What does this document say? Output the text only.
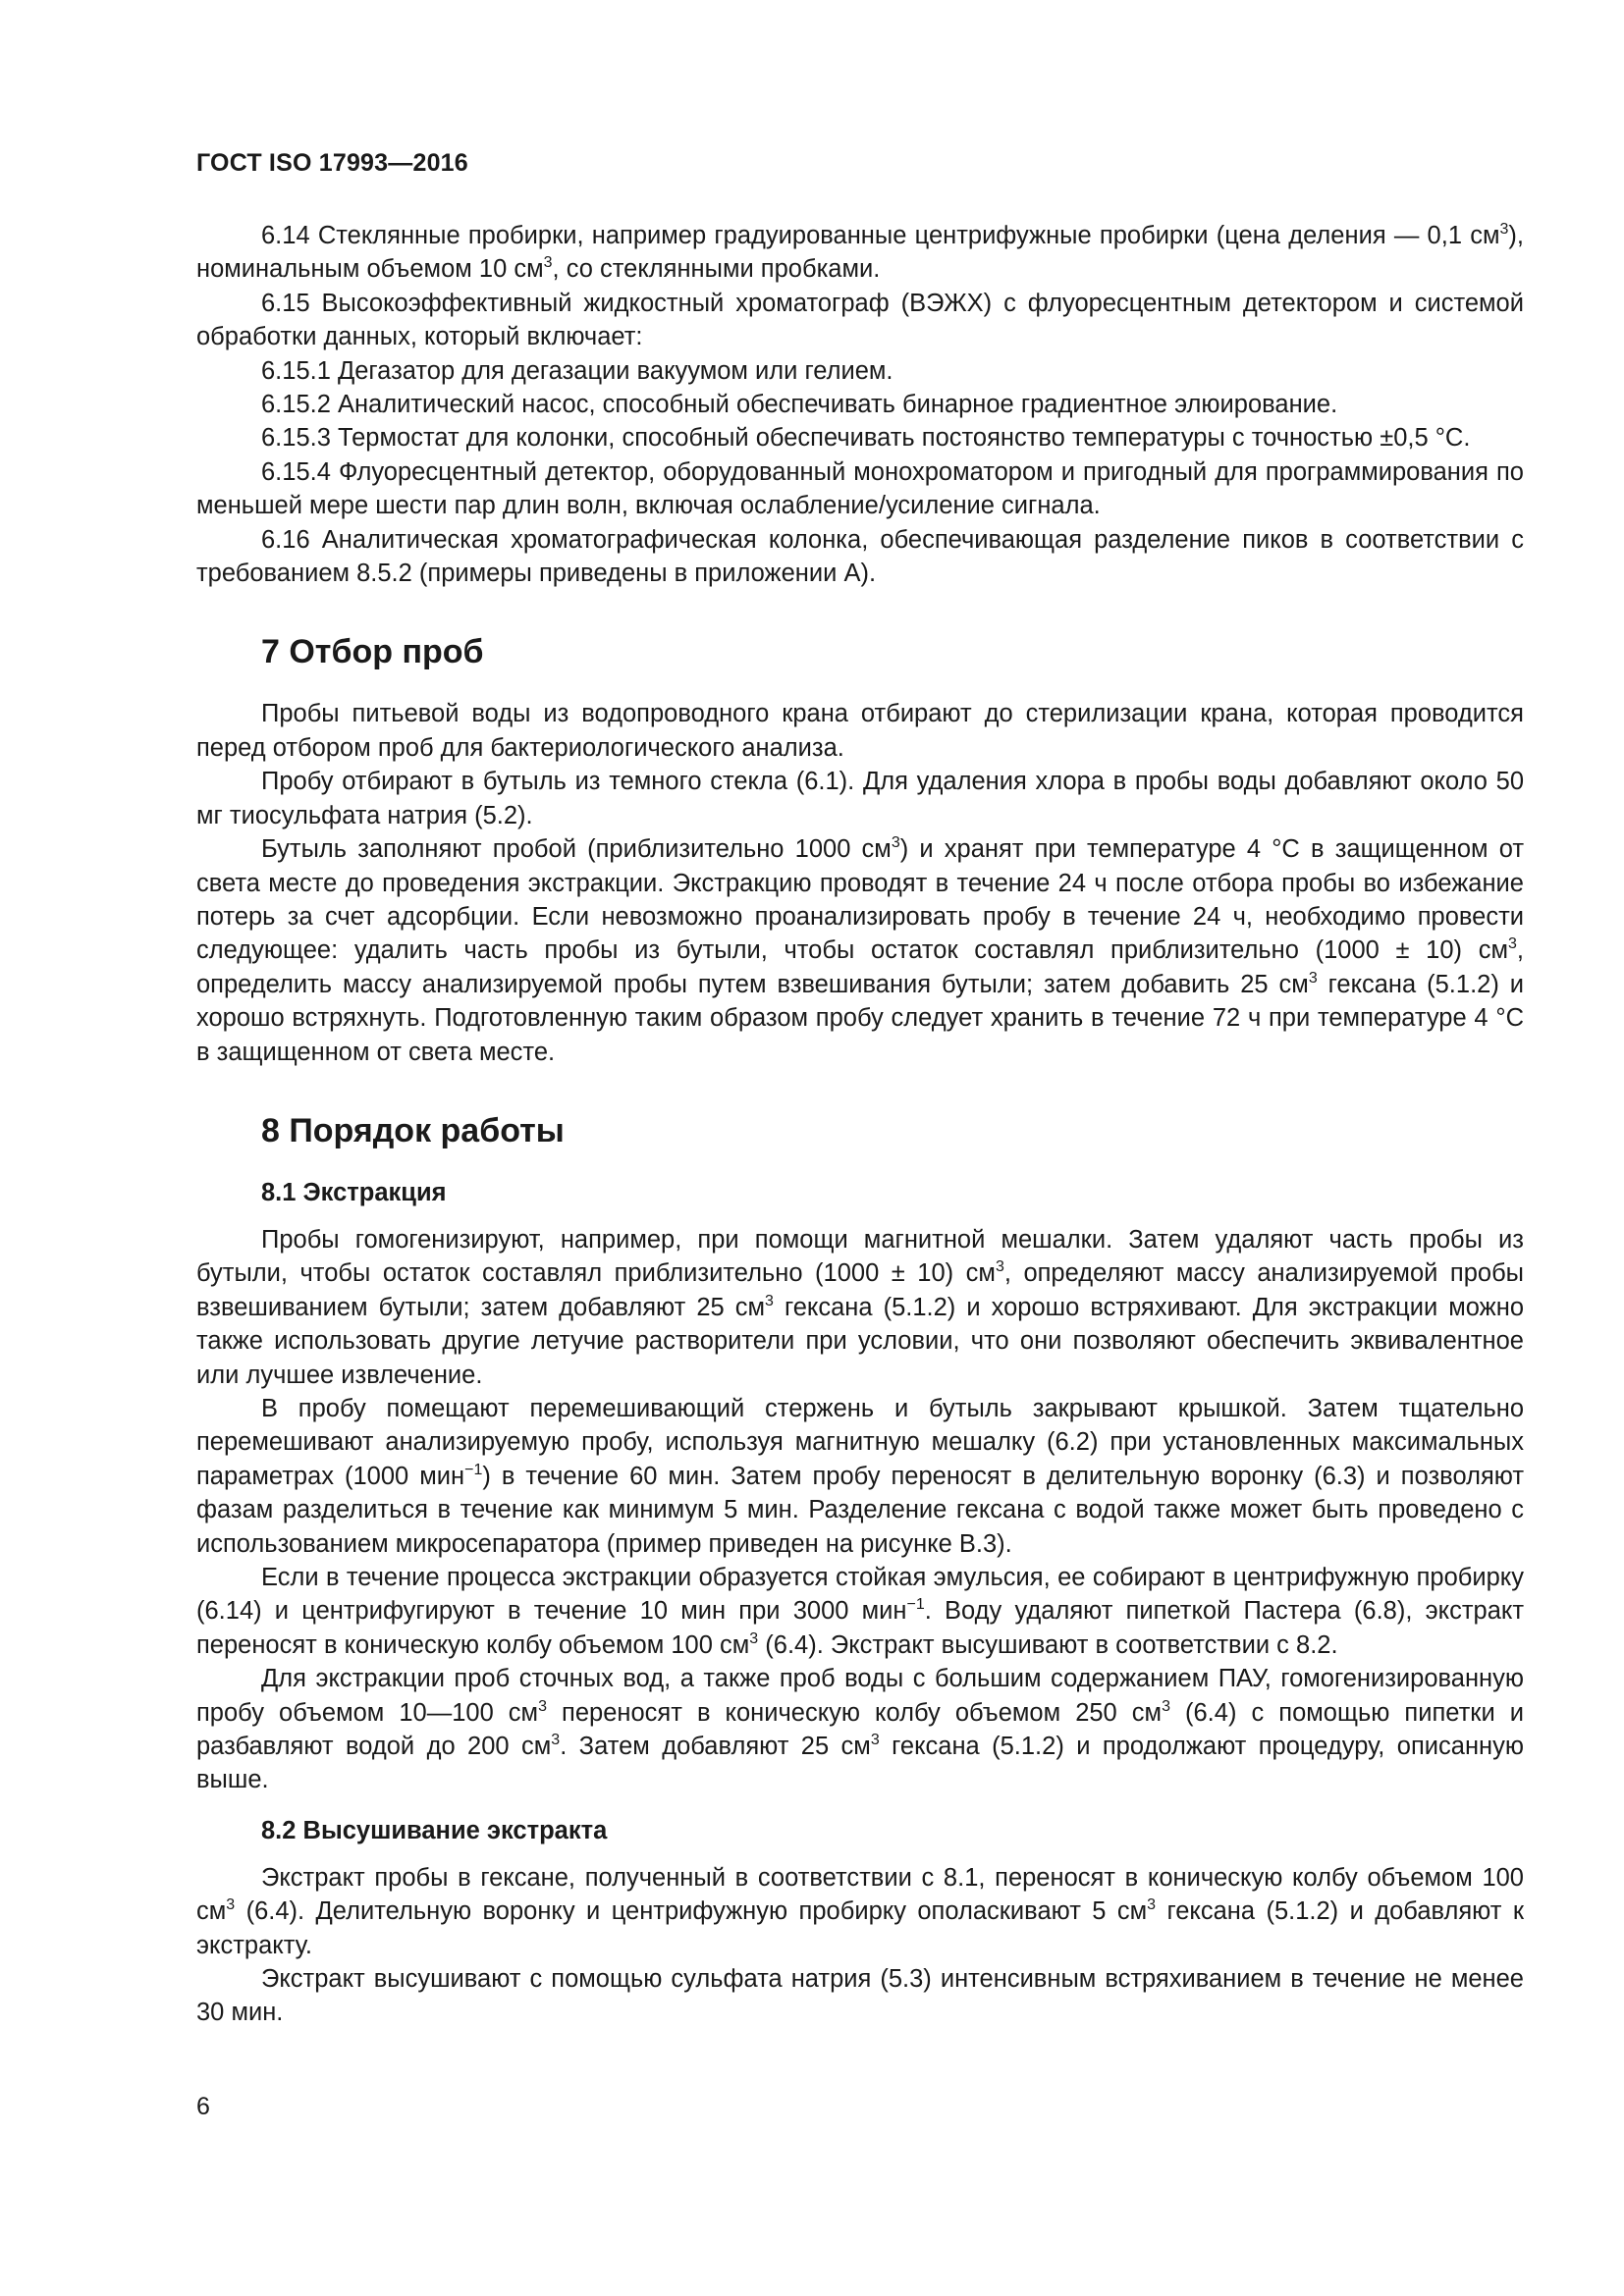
ГОСТ ISO 17993—2016

6.14 Стеклянные пробирки, например градуированные центрифужные пробирки (цена деления — 0,1 $см^3$), номинальным объемом 10 $см^3$, со стеклянными пробками.

6.15 Высокоэффективный жидкостный хроматограф (ВЭЖХ) с флуоресцентным детектором и системой обработки данных, который включает:

6.15.1 Дегазатор для дегазации вакуумом или гелием.

6.15.2 Аналитический насос, способный обеспечивать бинарное градиентное элюирование.

6.15.3 Термостат для колонки, способный обеспечивать постоянство температуры с точностью ±0,5 °С.

6.15.4 Флуоресцентный детектор, оборудованный монохроматором и пригодный для программирования по меньшей мере шести пар длин волн, включая ослабление/усиление сигнала.

6.16 Аналитическая хроматографическая колонка, обеспечивающая разделение пиков в соответствии с требованием 8.5.2 (примеры приведены в приложении А).

7 Отбор проб

Пробы питьевой воды из водопроводного крана отбирают до стерилизации крана, которая проводится перед отбором проб для бактериологического анализа.

Пробу отбирают в бутыль из темного стекла (6.1). Для удаления хлора в пробы воды добавляют около 50 мг тиосульфата натрия (5.2).

Бутыль заполняют пробой (приблизительно 1000 $см^3$) и хранят при температуре 4 °С в защищенном от света месте до проведения экстракции. Экстракцию проводят в течение 24 ч после отбора пробы во избежание потерь за счет адсорбции. Если невозможно проанализировать пробу в течение 24 ч, необходимо провести следующее: удалить часть пробы из бутыли, чтобы остаток составлял приблизительно (1000 ± 10) $см^3$, определить массу анализируемой пробы путем взвешивания бутыли; затем добавить 25 $см^3$ гексана (5.1.2) и хорошо встряхнуть. Подготовленную таким образом пробу следует хранить в течение 72 ч при температуре 4 °С в защищенном от света месте.

8 Порядок работы
8.1 Экстракция

Пробы гомогенизируют, например, при помощи магнитной мешалки. Затем удаляют часть пробы из бутыли, чтобы остаток составлял приблизительно (1000 ± 10) $см^3$, определяют массу анализируемой пробы взвешиванием бутыли; затем добавляют 25 $см^3$ гексана (5.1.2) и хорошо встряхивают. Для экстракции можно также использовать другие летучие растворители при условии, что они позволяют обеспечить эквивалентное или лучшее извлечение.

В пробу помещают перемешивающий стержень и бутыль закрывают крышкой. Затем тщательно перемешивают анализируемую пробу, используя магнитную мешалку (6.2) при установленных максимальных параметрах (1000 мин$^{-1}$) в течение 60 мин. Затем пробу переносят в делительную воронку (6.3) и позволяют фазам разделиться в течение как минимум 5 мин. Разделение гексана с водой также может быть проведено с использованием микросепаратора (пример приведен на рисунке В.3).

Если в течение процесса экстракции образуется стойкая эмульсия, ее собирают в центрифужную пробирку (6.14) и центрифугируют в течение 10 мин при 3000 мин$^{-1}$. Воду удаляют пипеткой Пастера (6.8), экстракт переносят в коническую колбу объемом 100 $см^3$ (6.4). Экстракт высушивают в соответствии с 8.2.

Для экстракции проб сточных вод, а также проб воды с большим содержанием ПАУ, гомогенизированную пробу объемом 10—100 $см^3$ переносят в коническую колбу объемом 250 $см^3$ (6.4) с помощью пипетки и разбавляют водой до 200 $см^3$. Затем добавляют 25 $см^3$ гексана (5.1.2) и продолжают процедуру, описанную выше.

8.2 Высушивание экстракта

Экстракт пробы в гексане, полученный в соответствии с 8.1, переносят в коническую колбу объемом 100 $см^3$ (6.4). Делительную воронку и центрифужную пробирку ополаскивают 5 $см^3$ гексана (5.1.2) и добавляют к экстракту.

Экстракт высушивают с помощью сульфата натрия (5.3) интенсивным встряхиванием в течение не менее 30 мин.

6
